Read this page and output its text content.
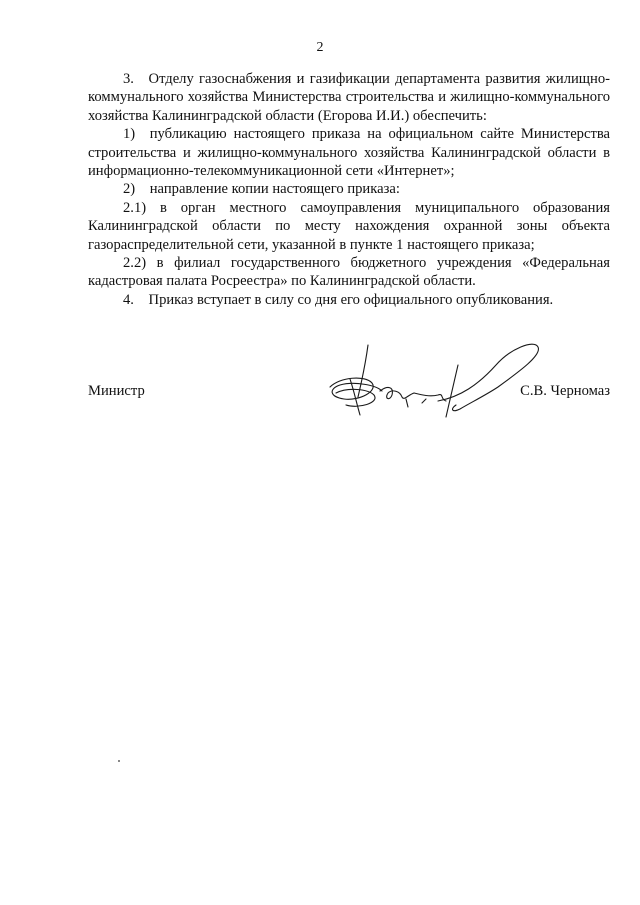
2

3. Отделу газоснабжения и газификации департамента развития жилищно-коммунального хозяйства Министерства строительства и жилищно-коммунального хозяйства Калининградской области (Егорова И.И.) обеспечить:

1) публикацию настоящего приказа на официальном сайте Министерства строительства и жилищно-коммунального хозяйства Калининградской области в информационно-телекоммуникационной сети «Интернет»;

2) направление копии настоящего приказа:

2.1) в орган местного самоуправления муниципального образования Калининградской области по месту нахождения охранной зоны объекта газораспределительной сети, указанной в пункте 1 настоящего приказа;

2.2) в филиал государственного бюджетного учреждения «Федеральная кадастровая палата Росреестра» по Калининградской области.

4. Приказ вступает в силу со дня его официального опубликования.

Министр	С.В. Черномаз
